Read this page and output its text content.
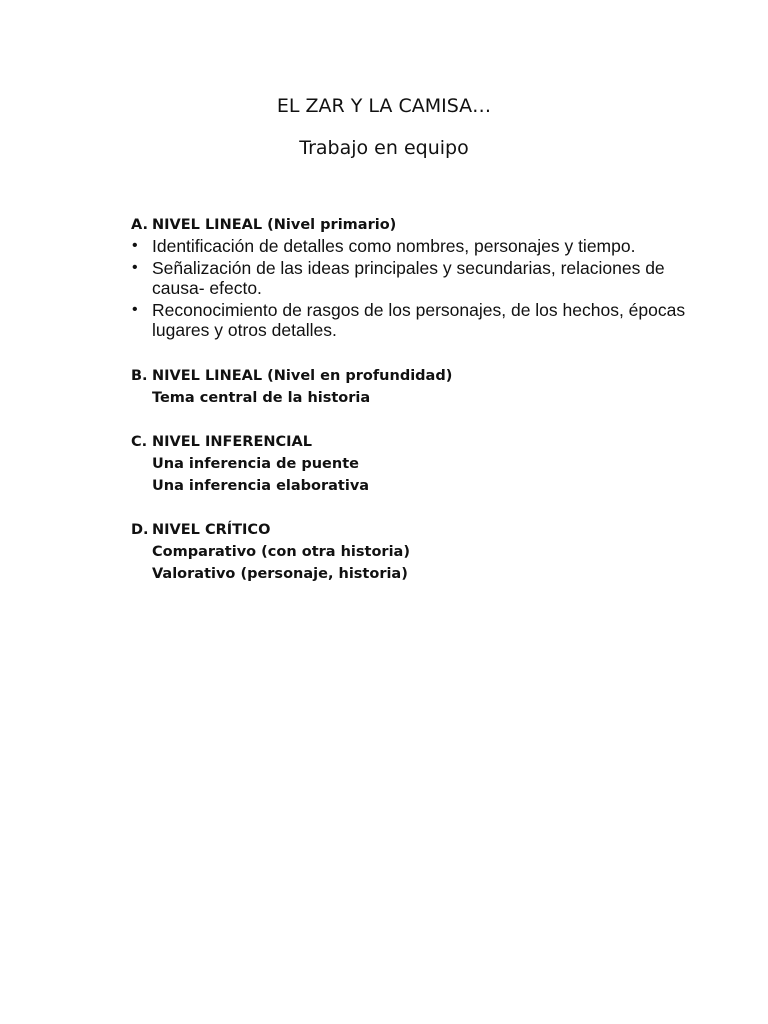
EL ZAR Y LA CAMISA…
Trabajo en equipo
A. NIVEL LINEAL (Nivel primario)
• Identificación de detalles como nombres, personajes y tiempo.
• Señalización de las ideas principales y secundarias, relaciones de causa- efecto.
• Reconocimiento de rasgos de los personajes, de los hechos, épocas lugares y otros detalles.
B. NIVEL LINEAL (Nivel en profundidad)
Tema central de la historia
C. NIVEL INFERENCIAL
Una inferencia de puente
Una inferencia elaborativa
D. NIVEL CRÍTICO
Comparativo (con otra historia)
Valorativo (personaje, historia)
